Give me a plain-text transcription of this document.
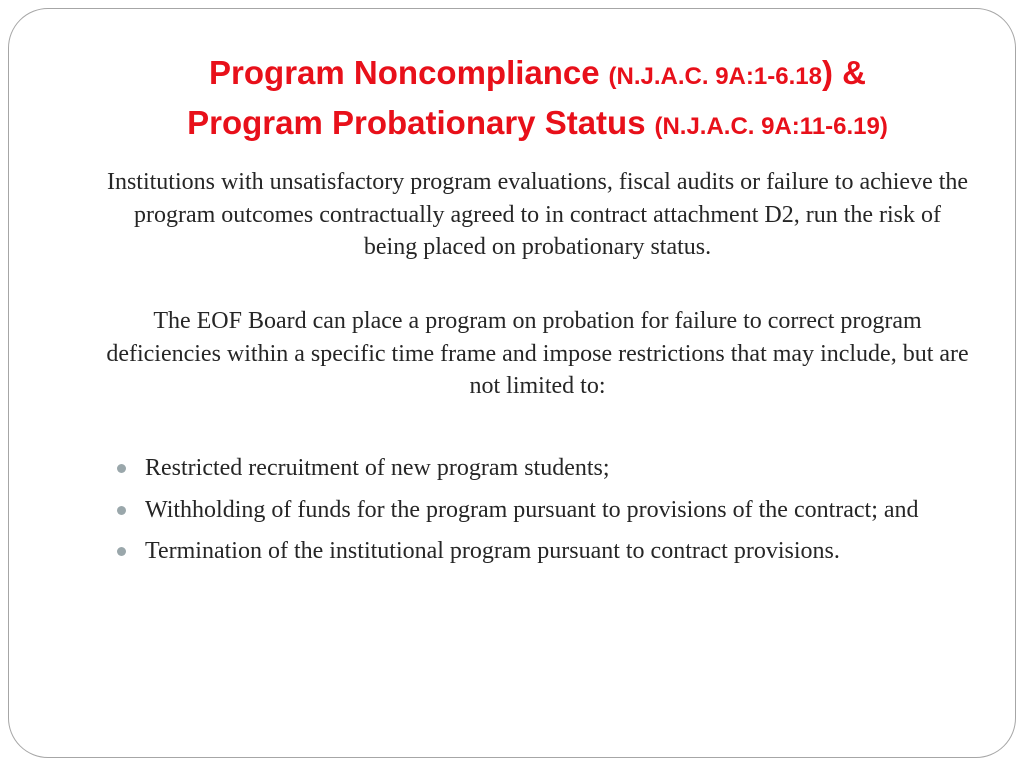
Program Noncompliance (N.J.A.C. 9A:1-6.18) &
Program Probationary Status (N.J.A.C. 9A:11-6.19)

Institutions with unsatisfactory program evaluations, fiscal audits or failure to achieve the program outcomes contractually agreed to in contract attachment D2, run the risk of being placed on probationary status.

The EOF Board can place a program on probation for failure to correct program deficiencies within a specific time frame and impose restrictions that may include, but are not limited to:

Restricted recruitment of new program students;
Withholding of funds for the program pursuant to provisions of the contract; and
Termination of the institutional program pursuant to contract provisions.
